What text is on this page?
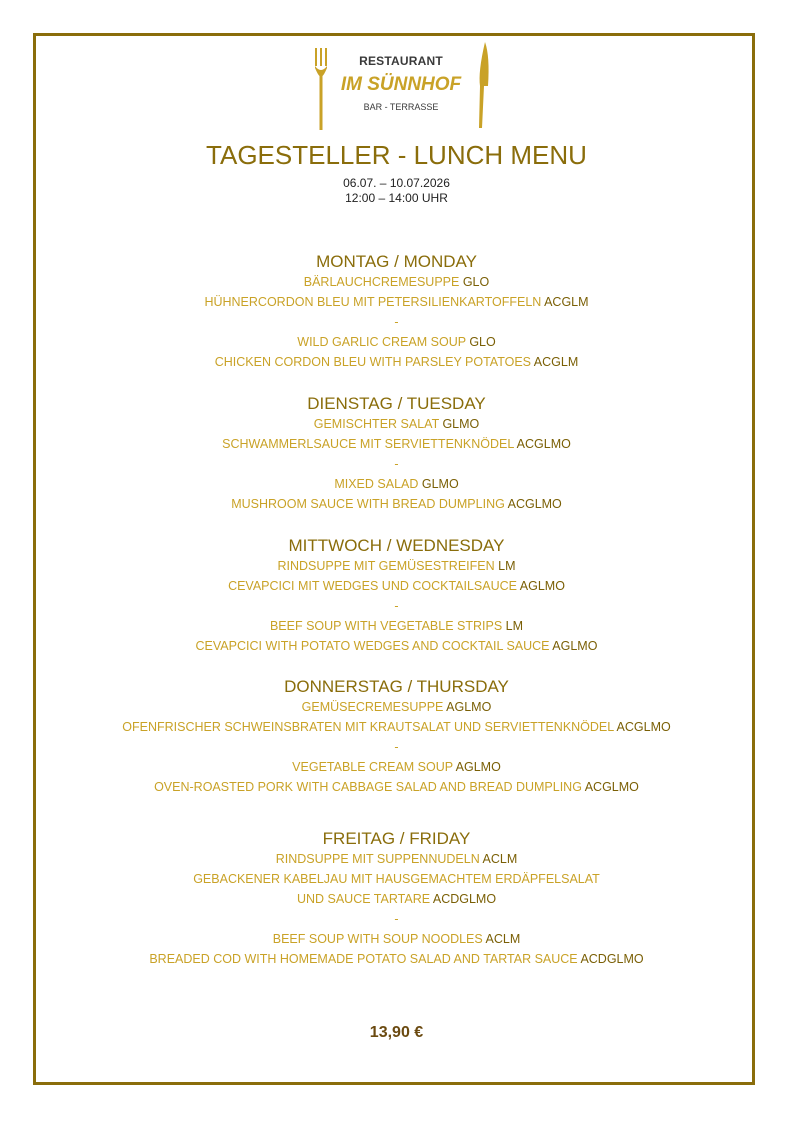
RESTAURANT
IM SÜNNHOF
BAR - TERRASSE
TAGESTELLER - LUNCH MENU
06.07. – 10.07.2026
12:00 – 14:00 UHR
MONTAG / MONDAY
BÄRLAUCHCREMESUPPE GLO
HÜHNERCORDON BLEU MIT PETERSILIENKARTOFFELN ACGLM
-
WILD GARLIC CREAM SOUP GLO
CHICKEN CORDON BLEU WITH PARSLEY POTATOES ACGLM
DIENSTAG / TUESDAY
GEMISCHTER SALAT GLMO
SCHWAMMERLSAUCE MIT SERVIETTENKNÖDEL ACGLMO
-
MIXED SALAD GLMO
MUSHROOM SAUCE WITH BREAD DUMPLING ACGLMO
MITTWOCH / WEDNESDAY
RINDSUPPE MIT GEMÜSESTREIFEN LM
CEVAPCICI MIT WEDGES UND COCKTAILSAUCE AGLMO
-
BEEF SOUP WITH VEGETABLE STRIPS LM
CEVAPCICI WITH POTATO WEDGES AND COCKTAIL SAUCE AGLMO
DONNERSTAG / THURSDAY
GEMÜSECREMESUPPE AGLMO
OFENFRISCHER SCHWEINSBRATEN MIT KRAUTSALAT UND SERVIETTENKNÖDEL ACGLMO
-
VEGETABLE CREAM SOUP AGLMO
OVEN-ROASTED PORK WITH CABBAGE SALAD AND BREAD DUMPLING ACGLMO
FREITAG / FRIDAY
RINDSUPPE MIT SUPPENNUDELN ACLM
GEBACKENER KABELJAU MIT HAUSGEMACHTEM ERDÄPFELSALAT
UND SAUCE TARTARE ACDGLMO
-
BEEF SOUP WITH SOUP NOODLES ACLM
BREADED COD WITH HOMEMADE POTATO SALAD AND TARTAR SAUCE ACDGLMO
13,90 €
